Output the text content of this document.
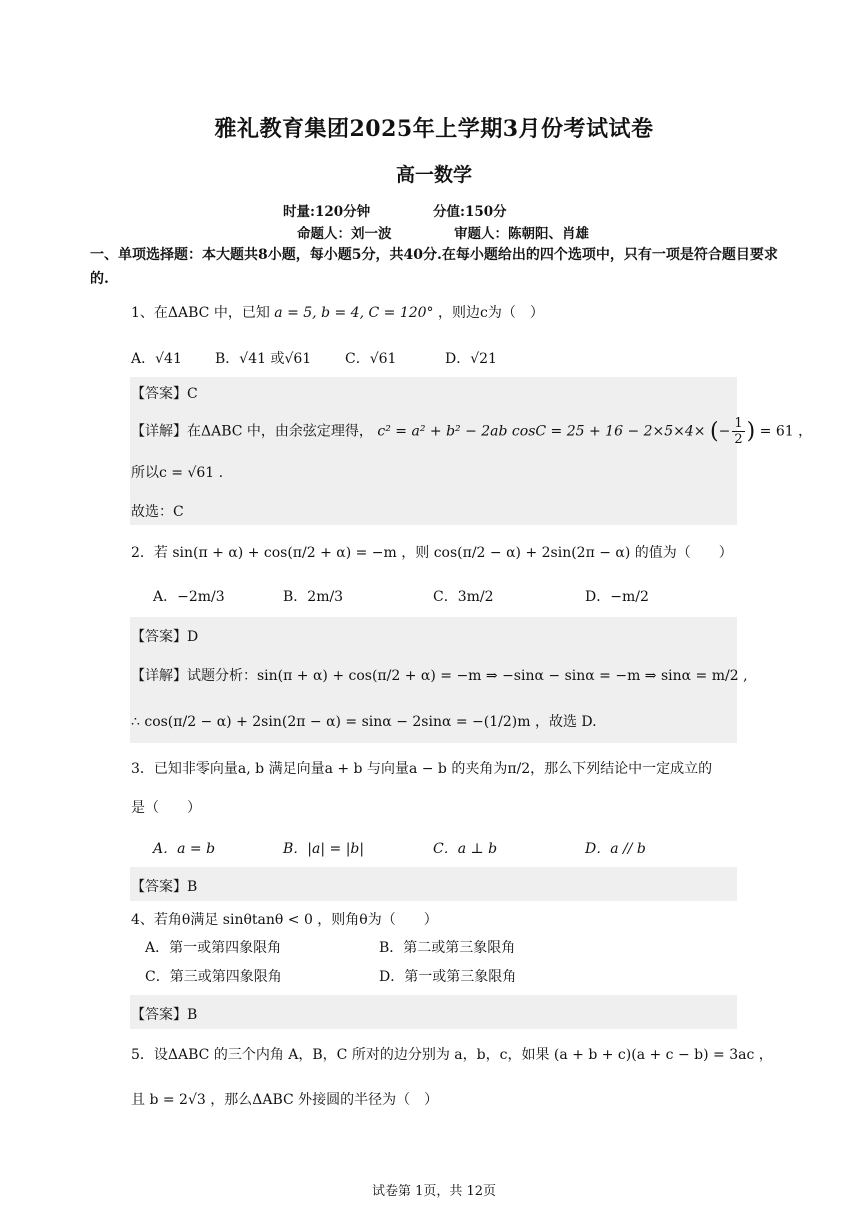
雅礼教育集团2025年上学期3月份考试试卷
高一数学
时量:120分钟	分值:150分
命题人：刘一波	审题人：陈朝阳、肖雄
一、单项选择题：本大题共8小题，每小题5分，共40分.在每小题给出的四个选项中，只有一项是符合题目要求的.
1、在ΔABC 中，已知 a = 5, b = 4, C = 120° ，则边c为（　）
A．√41 B．√41 或√61 C．√61	D．√21
【答案】C
【详解】在ΔABC 中，由余弦定理得， c² = a² + b² − 2ab cosC = 25 + 16 − 2×5×4× (− $\frac{1}{2}$ ) = 61 ，
所以c = √61 .
故选：C
2．若 sin(π + α) + cos(π/2 + α) = −m ，则 cos(π/2 − α) + 2sin(2π − α) 的值为（　　）
A．−2m/3	B．2m/3	C．3m/2	D．−m/2
【答案】D
【详解】试题分析：sin(π + α) + cos(π/2 + α) = −m ⇒ −sinα − sinα = −m ⇒ sinα = m/2 ,
∴ cos(π/2 − α) + 2sin(2π − α) = sinα − 2sinα = −(1/2)m ，故选 D.
3．已知非零向量a, b 满足向量a + b 与向量a − b 的夹角为π/2，那么下列结论中一定成立的
是（　　）
A．a = b	B．|a| = |b|	C．a ⊥ b	D．a // b
【答案】B
4、若角θ满足 sinθtanθ < 0 ，则角θ为（　　）
A．第一或第四象限角	B．第二或第三象限角
C．第三或第四象限角	D．第一或第三象限角
【答案】B
5．设ΔABC 的三个内角 A，B，C 所对的边分别为 a，b，c，如果 (a + b + c)(a + c − b) = 3ac ，
且 b = 2√3 ，那么ΔABC 外接圆的半径为（　）
试卷第 1页，共 12页
